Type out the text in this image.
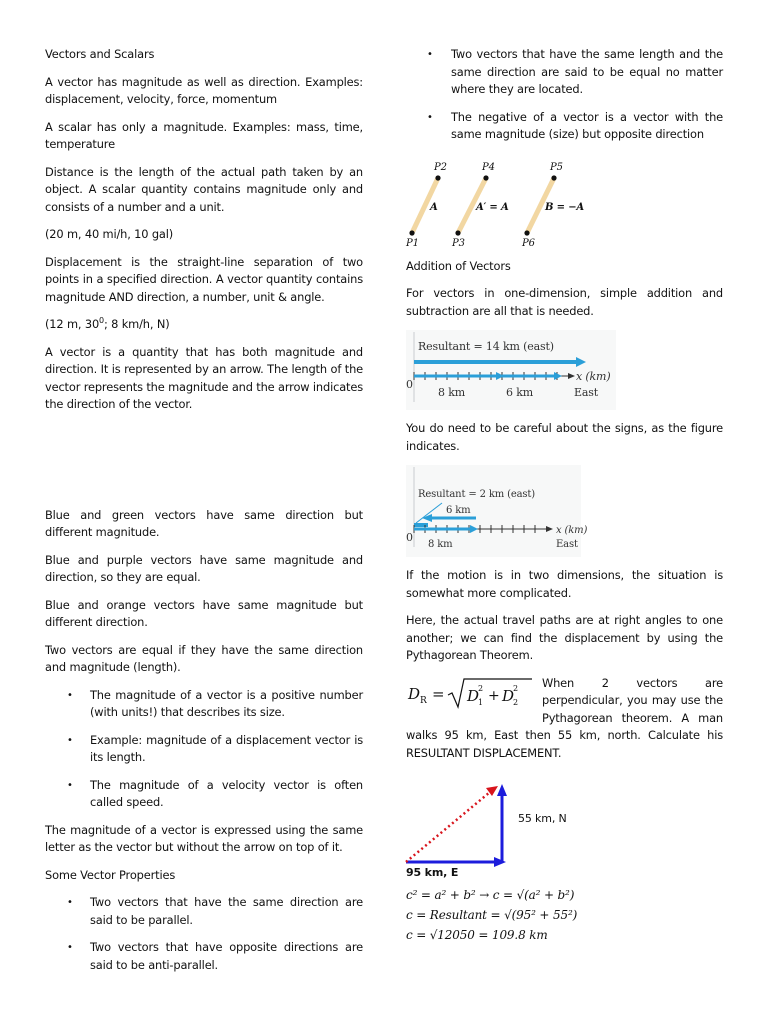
Vectors and Scalars

A vector has magnitude as well as direction. Examples: displacement, velocity, force, momentum

A scalar has only a magnitude. Examples: mass, time, temperature

Distance is the length of the actual path taken by an object. A scalar quantity contains magnitude only and consists of a number and a unit.

(20 m, 40 mi/h, 10 gal)

Displacement is the straight-line separation of two points in a specified direction. A vector quantity contains magnitude AND direction, a number, unit & angle.

(12 m, $30^0$; 8 km/h, N)

A vector is a quantity that has both magnitude and direction. It is represented by an arrow. The length of the vector represents the magnitude and the arrow indicates the direction of the vector.

Blue and green vectors have same direction but different magnitude.

Blue and purple vectors have same magnitude and direction, so they are equal.

Blue and orange vectors have same magnitude but different direction.

Two vectors are equal if they have the same direction and magnitude (length).

• The magnitude of a vector is a positive number (with units!) that describes its size.
• Example: magnitude of a displacement vector is its length.
• The magnitude of a velocity vector is often called speed.

The magnitude of a vector is expressed using the same letter as the vector but without the arrow on top of it.

Some Vector Properties

• Two vectors that have the same direction are said to be parallel.
• Two vectors that have opposite directions are said to be anti-parallel.
• Two vectors that have the same length and the same direction are said to be equal no matter where they are located.
• The negative of a vector is a vector with the same magnitude (size) but opposite direction
P2	P4	P5
P1	P3	P6
A	A′ = A	B = −A

Addition of Vectors

For vectors in one-dimension, simple addition and subtraction are all that is needed.

Resultant = 14 km (east)
0
8 km	6 km
x (km)
East

You do need to be careful about the signs, as the figure indicates.

Resultant = 2 km (east)
6 km
0
8 km
x (km)
East

If the motion is in two dimensions, the situation is somewhat more complicated.

Here, the actual travel paths are at right angles to one another; we can find the displacement by using the Pythagorean Theorem.

D R = D 2
1 + D 2
2

When 2 vectors are perpendicular, you may use the Pythagorean theorem. A man walks 95 km, East then 55 km, north. Calculate his RESULTANT DISPLACEMENT.

55 km, N
95 km, E
c² = a² + b² → c = √(a² + b²)
c = Resultant = √(95² + 55²)
c = √12050 = 109.8 km
